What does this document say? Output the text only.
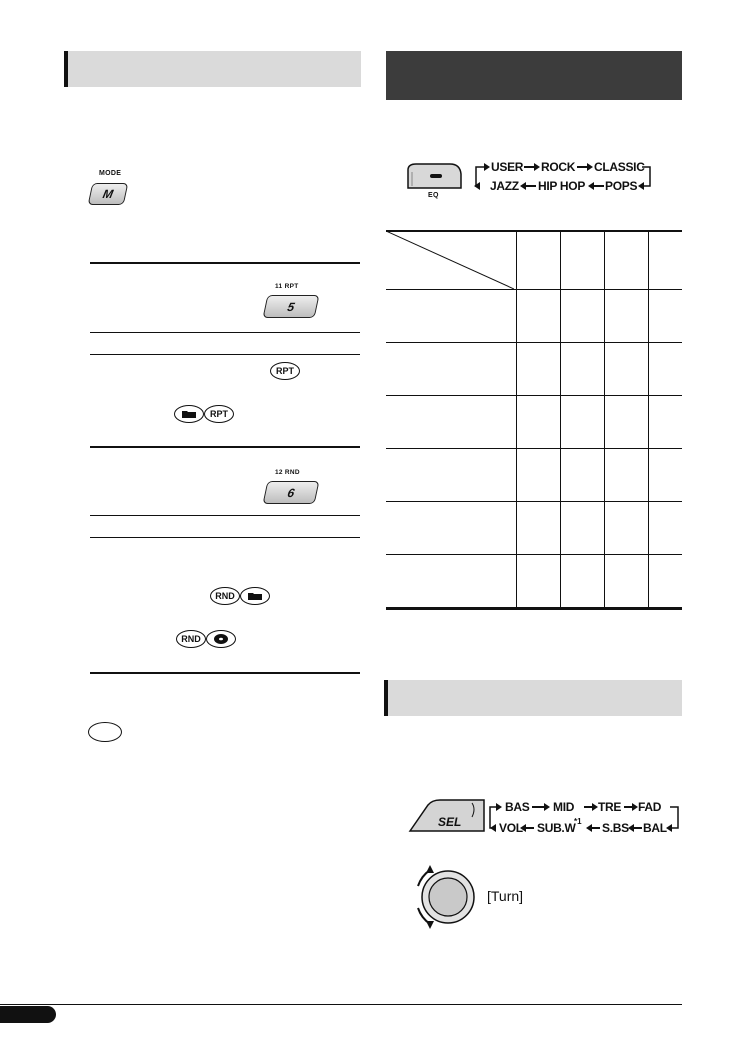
MODE
M
11 RPT
5
RPT
RPT
12 RND
6
RND
RND
EQ
USER ROCK CLASSIC
JAZZ HIP HOP POPS

SEL
BAS MID TRE FAD
VOL SUB.W
*1 S.BS BAL
[Turn]
